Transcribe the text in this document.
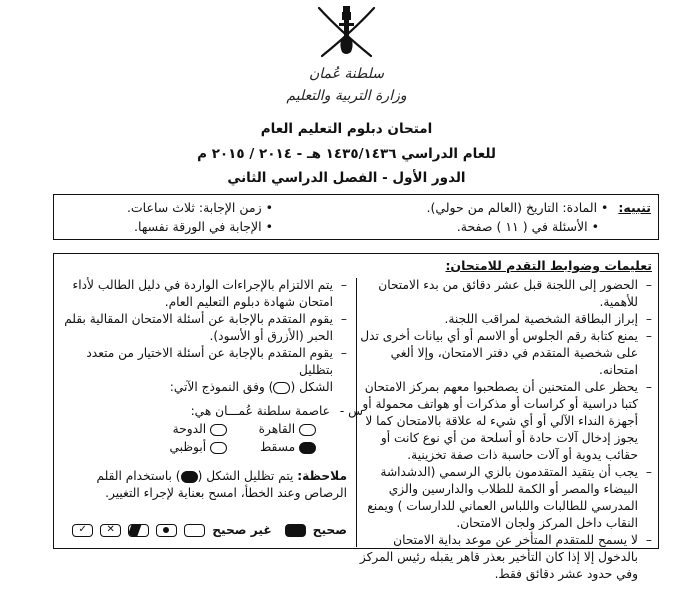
سلطنة عُمان
وزارة التربية والتعليم
امتحان دبلوم التعليم العام
للعام الدراسي ١٤٣٥/١٤٣٦ هـ - ٢٠١٤ / ٢٠١٥ م
الدور الأول - الفصل الدراسي الثاني
تنبيه: • المادة: التاريخ (العالم من حولي).
• الأسئلة في ( ١١ ) صفحة.
• زمن الإجابة: ثلاث ساعات.
• الإجابة في الورقة نفسها.
تعليمات وضوابط التقدم للامتحان:

–
الحضور إلى اللجنة قبل عشر دقائق من بدء الامتحان للأهمية.

–
إبراز البطاقة الشخصية لمراقب اللجنة.

–
يمنع كتابة رقم الجلوس أو الاسم أو أي بيانات أخرى تدل على شخصية المتقدم في دفتر الامتحان، وإلا ألغي امتحانه.

–
يحظر على المتحنين أن يصطحبوا معهم بمركز الامتحان كتبا دراسية أو كراسات أو مذكرات أو هواتف محمولة أو أجهزة النداء الآلي أو أي شيء له علاقة بالامتحان كما لا يجوز إدخال آلات حادة أو أسلحة من أي نوع كانت أو حقائب يدوية أو آلات حاسبة ذات صفة تخزينية.

–
يجب أن يتقيد المتقدمون بالزي الرسمي (الدشداشة البيضاء والمصر أو الكمة للطلاب والدارسين والزي المدرسي للطالبات واللباس العماني للدارسات ) ويمنع النقاب داخل المركز ولجان الامتحان.

–
لا يسمح للمتقدم المتأخر عن موعد بداية الامتحان بالدخول إلا إذا كان التأخير بعذر قاهر يقبله رئيس المركز وفي حدود عشر دقائق فقط.

–
يتم الالتزام بالإجراءات الواردة في دليل الطالب لأداء امتحان شهادة دبلوم التعليم العام.

–
يقوم المتقدم بالإجابة عن أسئلة الامتحان المقالية بقلم الحبر (الأزرق أو الأسود).

–
يقوم المتقدم بالإجابة عن أسئلة الاختيار من متعدد بتظليل
الشكل () وفق النموذج الآتي:

س - عاصمة سلطنة عُمـــان هي:
القاهرة
الدوحة
مسقط
أبوظبي
ملاحظة: يتم تظليل الشكل () باستخدام القلم الرصاص وعند الخطأ، امسح بعناية لإجراء التغيير.
صحيح
غير صحيح
✕
✓
